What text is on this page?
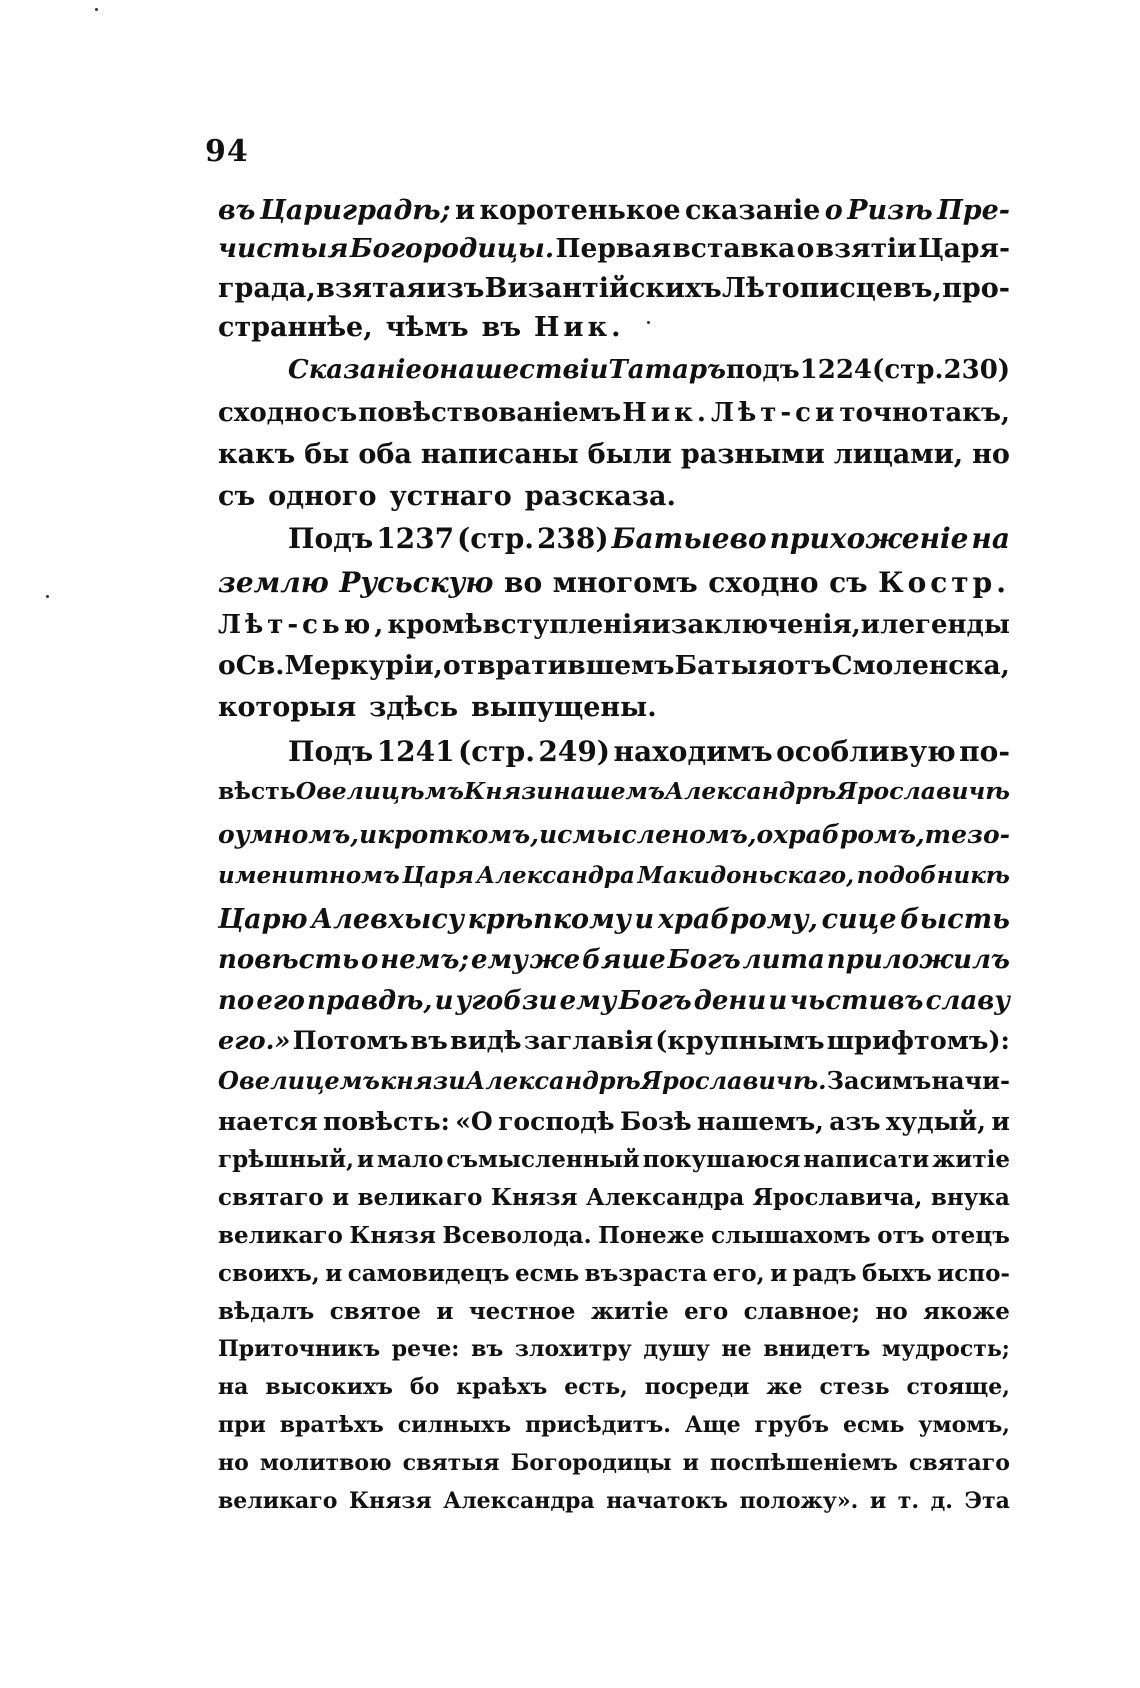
94
въ Цариградѣ; и коротенькое сказаніе о Ризѣ Пре-
чистыя Богородицы. Первая вставка о взятіи Царя-
града, взятая изъ Византійскихъ Лѣтописцевъ, про-
страннѣе, чѣмъ въ Ник.
Сказаніе о нашествіи Татаръ подъ 1224 (стр. 230)
сходно съ повѣствованіемъ Ник. Лѣт-си точно такъ,
какъ бы оба написаны были разными лицами, но
съ одного устнаго разсказа.
Подъ 1237 (стр. 238) Батыево прихоженіе на
землю Русьскую во многомъ сходно съ Костр.
Лѣт-сью, кромѣ вступленія и заключенія, и легенды
о Св. Меркуріи, отвратившемъ Батыя отъ Смоленска,
которыя здѣсь выпущены.
Подъ 1241 (стр. 249) находимъ особливую по-
вѣсть О велицѣмъ Князи нашемъ Александрѣ Ярославичѣ
о умномъ, и кроткомъ, и смысленомъ, о храбромъ, тезо-
именитномъ Царя Александра Макидоньскаго, подобникѣ
Царю Алевхысу крѣпкому и храброму, сице бысть
повѣсть о немъ; ему же бяше Богъ лита приложилъ
по его правдѣ, и угобзи ему Богъ дени и чьстивъ славу
его.» Потомъ въ видѣ заглавія (крупнымъ шрифтомъ):
О велицемъ князи Александрѣ Ярославичѣ. За симъ начи-
нается повѣсть: «О господѣ Бозѣ нашемъ, азъ худый, и
грѣшный, и мало съмысленный покушаюся написати житіе
святаго и великаго Князя Александра Ярославича, внука
великаго Князя Всеволода. Понеже слышахомъ отъ отецъ
своихъ, и самовидецъ есмь възраста его, и радъ быхъ испо-
вѣдалъ святое и честное житіе его славное; но якоже
Приточникъ рече: въ злохитру душу не внидетъ мудрость;
на высокихъ бо краѣхъ есть, посреди же стезь стояще,
при вратѣхъ силныхъ присѣдитъ. Аще грубъ есмь умомъ,
но молитвою святыя Богородицы и поспѣшеніемъ святаго
великаго Князя Александра начатокъ положу». и т. д. Эта
